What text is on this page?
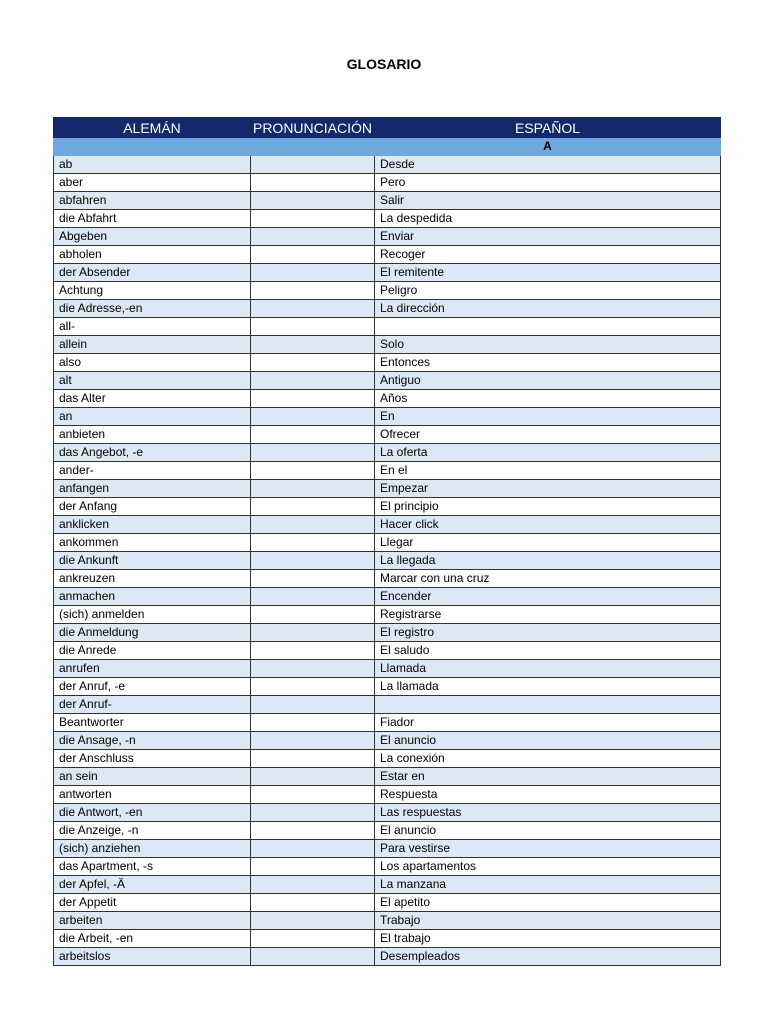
GLOSARIO
ALEMÁN	PRONUNCIACIÓN	ESPAÑOL
		A
ab		Desde
aber		Pero
abfahren		Salir
die Abfahrt		La despedida
Abgeben		Enviar
abholen		Recoger
der Absender		El remitente
Achtung		Peligro
die Adresse,-en		La dirección
all-		
allein		Solo
also		Entonces
alt		Antiguo
das Alter		Años
an		En
anbieten		Ofrecer
das Angebot, -e		La oferta
ander-		En el
anfangen		Empezar
der Anfang		El principio
anklicken		Hacer click
ankommen		Llegar
die Ankunft		La llegada
ankreuzen		Marcar con una cruz
anmachen		Encender
(sich) anmelden		Registrarse
die Anmeldung		El registro
die Anrede		El saludo
anrufen		Llamada
der Anruf, -e		La llamada
der Anruf-		
Beantworter		Fiador
die Ansage, -n		El anuncio
der Anschluss		La conexión
an sein		Estar en
antworten		Respuesta
die Antwort, -en		Las respuestas
die Anzeige, -n		El anuncio
(sich) anziehen		Para vestirse
das Apartment, -s		Los apartamentos
der Apfel, -Ä		La manzana
der Appetit		El apetito
arbeiten		Trabajo
die Arbeit, -en		El trabajo
arbeitslos		Desempleados
